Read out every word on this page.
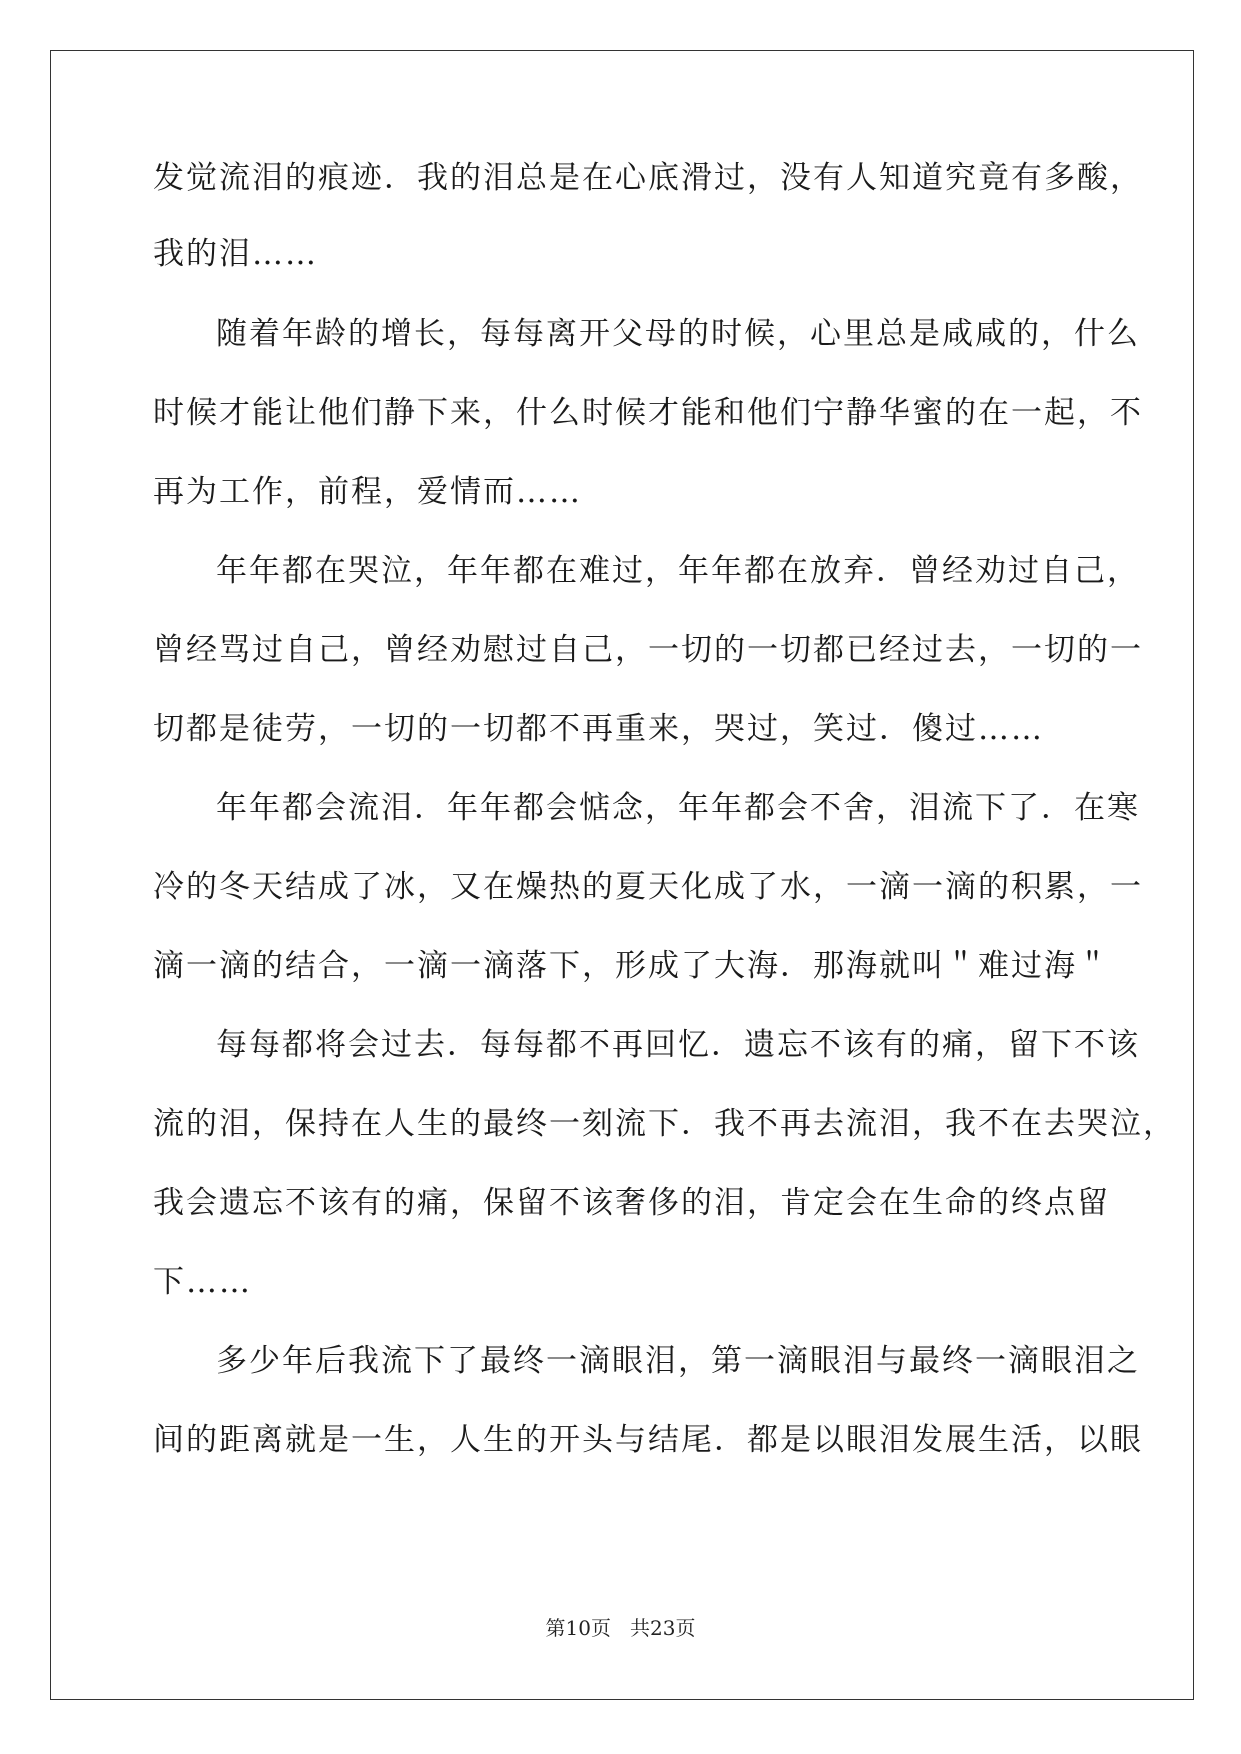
发觉流泪的痕迹．我的泪总是在心底滑过，没有人知道究竟有多酸，
我的泪……
随着年龄的增长，每每离开父母的时候，心里总是咸咸的，什么
时候才能让他们静下来，什么时候才能和他们宁静华蜜的在一起，不
再为工作，前程，爱情而……
年年都在哭泣，年年都在难过，年年都在放弃．曾经劝过自己，
曾经骂过自己，曾经劝慰过自己，一切的一切都已经过去，一切的一
切都是徒劳，一切的一切都不再重来，哭过，笑过．傻过……
年年都会流泪．年年都会惦念，年年都会不舍，泪流下了．在寒
冷的冬天结成了冰，又在燥热的夏天化成了水，一滴一滴的积累，一
滴一滴的结合，一滴一滴落下，形成了大海．那海就叫＂难过海＂
每每都将会过去．每每都不再回忆．遗忘不该有的痛，留下不该
流的泪，保持在人生的最终一刻流下．我不再去流泪，我不在去哭泣，
我会遗忘不该有的痛，保留不该奢侈的泪，肯定会在生命的终点留
下……
多少年后我流下了最终一滴眼泪，第一滴眼泪与最终一滴眼泪之
间的距离就是一生，人生的开头与结尾．都是以眼泪发展生活，以眼
第10页 共23页
